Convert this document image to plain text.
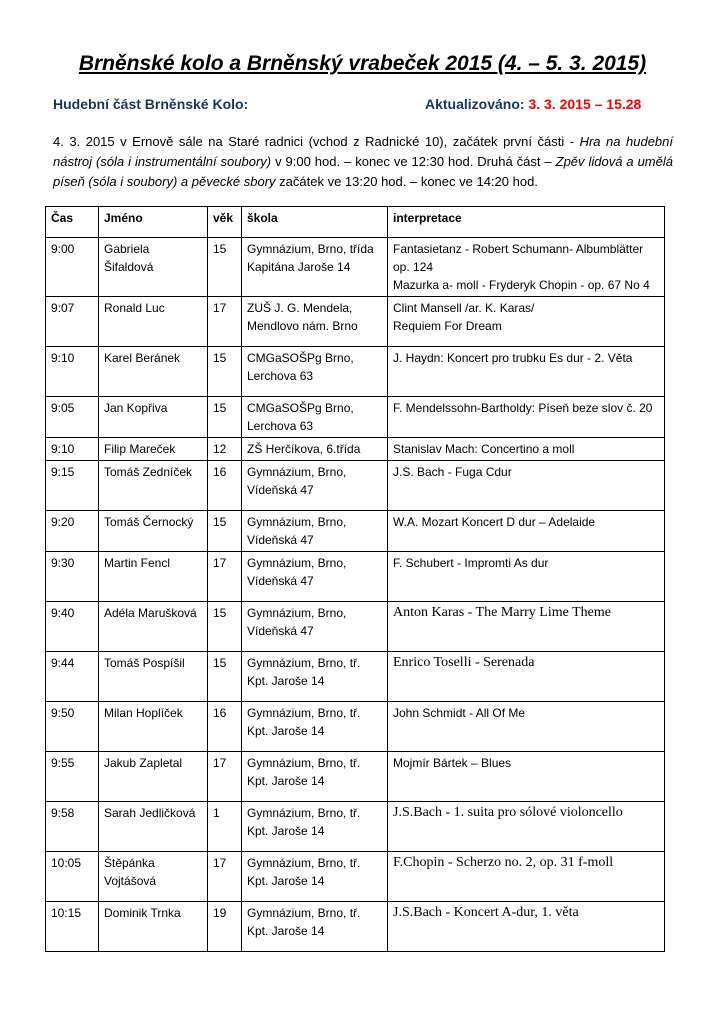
Brněnské kolo a Brněnský vrabeček 2015 (4. – 5. 3. 2015)
Hudební část Brněnské Kolo:	Aktualizováno: 3. 3. 2015 – 15.28
4. 3. 2015 v Ernově sále na Staré radnici (vchod z Radnické 10), začátek první části - Hra na hudební nástroj (sóla i instrumentální soubory) v 9:00 hod. – konec ve 12:30 hod. Druhá část – Zpěv lidová a umělá píseň (sóla i soubory) a pěvecké sbory začátek ve 13:20 hod. – konec ve 14:20 hod.
Čas	Jméno	věk	škola	interpretace
9:00	Gabriela Šifaldová	15	Gymnázium, Brno, třída Kapitána Jaroše 14	Fantasietanz - Robert Schumann- Albumblätter op. 124
Mazurka a- moll - Fryderyk Chopin - op. 67 No 4
9:07	Ronald Luc	17	ZUŠ J. G. Mendela, Mendlovo nám. Brno	Clint Mansell /ar. K. Karas/
Requiem For Dream
9:10	Karel Beránek	15	CMGaSOŠPg Brno, Lerchova 63	J. Haydn: Koncert pro trubku Es dur - 2. Věta
9:05	Jan Kopřiva	15	CMGaSOŠPg Brno, Lerchova 63	F. Mendelssohn-Bartholdy: Píseň beze slov č. 20
9:10	Filip Mareček	12	ZŠ Herčíkova, 6.třída	Stanislav Mach: Concertino a moll
9:15	Tomáš Zedníček	16	Gymnázium, Brno, Vídeňská 47	J.S. Bach - Fuga Cdur
9:20	Tomáš Černocký	15	Gymnázium, Brno, Vídeňská 47	W.A. Mozart Koncert D dur – Adelaide
9:30	Martin Fencl	17	Gymnázium, Brno, Vídeňská 47	F. Schubert - Impromti As dur
9:40	Adéla Marušková	15	Gymnázium, Brno, Vídeňská 47	Anton Karas - The Marry Lime Theme
9:44	Tomáš Pospíšil	15	Gymnázium, Brno, tř. Kpt. Jaroše 14	Enrico Toselli - Serenada
9:50	Milan Hoplíček	16	Gymnázium, Brno, tř. Kpt. Jaroše 14	John Schmidt - All Of Me
9:55	Jakub Zapletal	17	Gymnázium, Brno, tř. Kpt. Jaroše 14	Mojmír Bártek – Blues
9:58	Sarah Jedličková	1	Gymnázium, Brno, tř. Kpt. Jaroše 14	J.S.Bach - 1. suita pro sólové violoncello
10:05	Štěpánka Vojtášová	17	Gymnázium, Brno, tř. Kpt. Jaroše 14	F.Chopin - Scherzo no. 2, op. 31 f-moll
10:15	Dominik Trnka	19	Gymnázium, Brno, tř. Kpt. Jaroše 14	J.S.Bach - Koncert A-dur, 1. věta
